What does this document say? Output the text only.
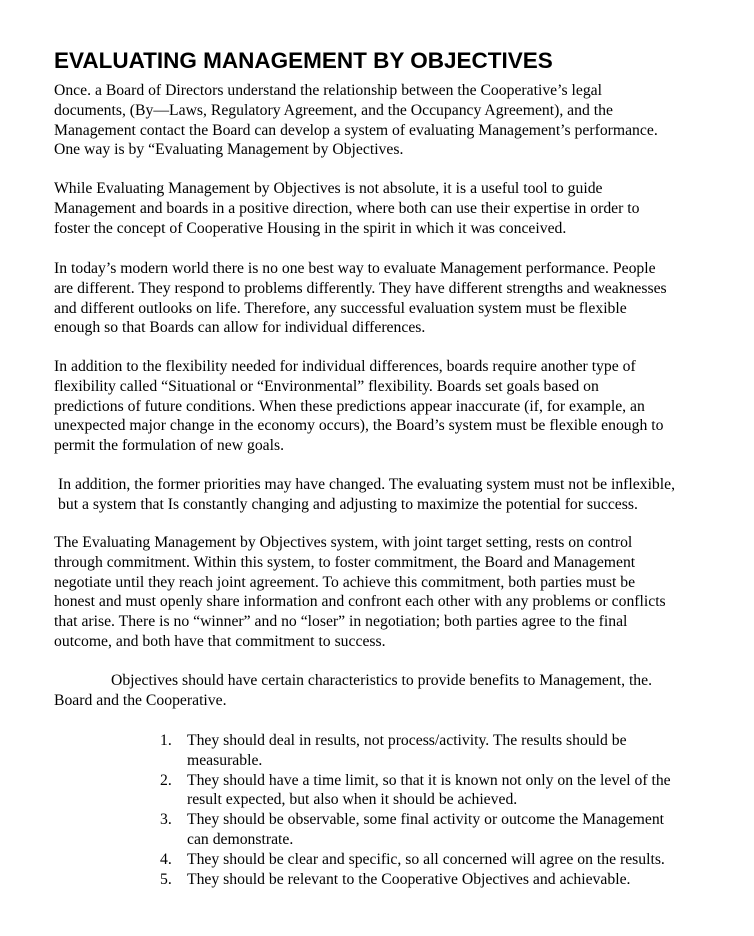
EVALUATING MANAGEMENT BY OBJECTIVES

Once. a Board of Directors understand the relationship between the Cooperative’s legal
documents, (By—Laws, Regulatory Agreement, and the Occupancy Agreement), and the
Management contact the Board can develop a system of evaluating Management’s performance.
One way is by “Evaluating Management by Objectives.

While Evaluating Management by Objectives is not absolute, it is a useful tool to guide
Management and boards in a positive direction, where both can use their expertise in order to
foster the concept of Cooperative Housing in the spirit in which it was conceived.

In today’s modern world there is no one best way to evaluate Management performance. People
are different. They respond to problems differently. They have different strengths and weaknesses
and different outlooks on life. Therefore, any successful evaluation system must be flexible
enough so that Boards can allow for individual differences.

In addition to the flexibility needed for individual differences, boards require another type of
flexibility called “Situational or “Environmental” flexibility. Boards set goals based on
predictions of future conditions. When these predictions appear inaccurate (if, for example, an
unexpected major change in the economy occurs), the Board’s system must be flexible enough to
permit the formulation of new goals.

In addition, the former priorities may have changed. The evaluating system must not be inflexible,
but a system that Is constantly changing and adjusting to maximize the potential for success.

The Evaluating Management by Objectives system, with joint target setting, rests on control
through commitment. Within this system, to foster commitment, the Board and Management
negotiate until they reach joint agreement. To achieve this commitment, both parties must be
honest and must openly share information and confront each other with any problems or conflicts
that arise. There is no “winner” and no “loser” in negotiation; both parties agree to the final
outcome, and both have that commitment to success.

Objectives should have certain characteristics to provide benefits to Management, the.
Board and the Cooperative.

1. They should deal in results, not process/activity. The results should be
measurable.
2. They should have a time limit, so that it is known not only on the level of the
result expected, but also when it should be achieved.
3. They should be observable, some final activity or outcome the Management
can demonstrate.
4. They should be clear and specific, so all concerned will agree on the results.
5. They should be relevant to the Cooperative Objectives and achievable.
